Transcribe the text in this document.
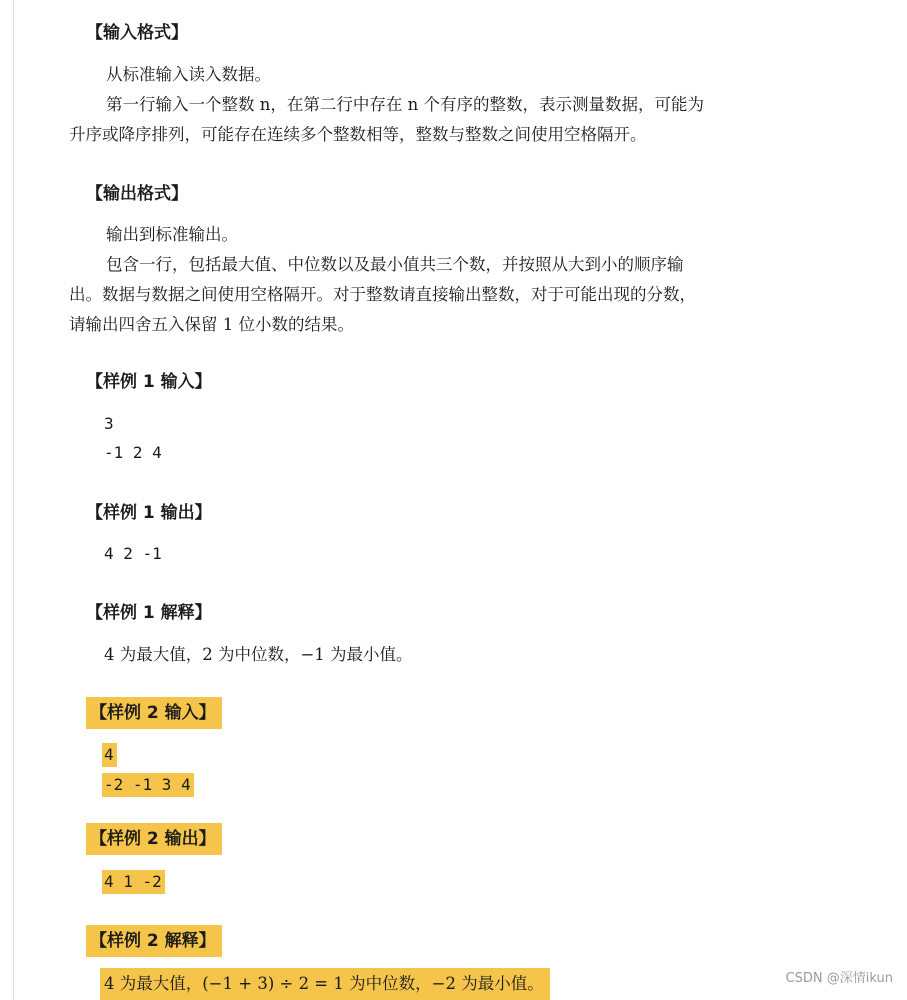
【输入格式】
从标准输入读入数据。
第一行输入一个整数 n，在第二行中存在 n 个有序的整数，表示测量数据，可能为
升序或降序排列，可能存在连续多个整数相等，整数与整数之间使用空格隔开。
【输出格式】
输出到标准输出。
包含一行，包括最大值、中位数以及最小值共三个数，并按照从大到小的顺序输
出。数据与数据之间使用空格隔开。对于整数请直接输出整数，对于可能出现的分数，
请输出四舍五入保留 1 位小数的结果。
【样例 1 输入】
3
-1 2 4
【样例 1 输出】
4 2 -1
【样例 1 解释】
4 为最大值，2 为中位数，−1 为最小值。
【样例 2 输入】
4
-2 -1 3 4
【样例 2 输出】
4 1 -2
【样例 2 解释】
4 为最大值，(−1 + 3) ÷ 2 = 1 为中位数，−2 为最小值。	CSDN @深情ikun
